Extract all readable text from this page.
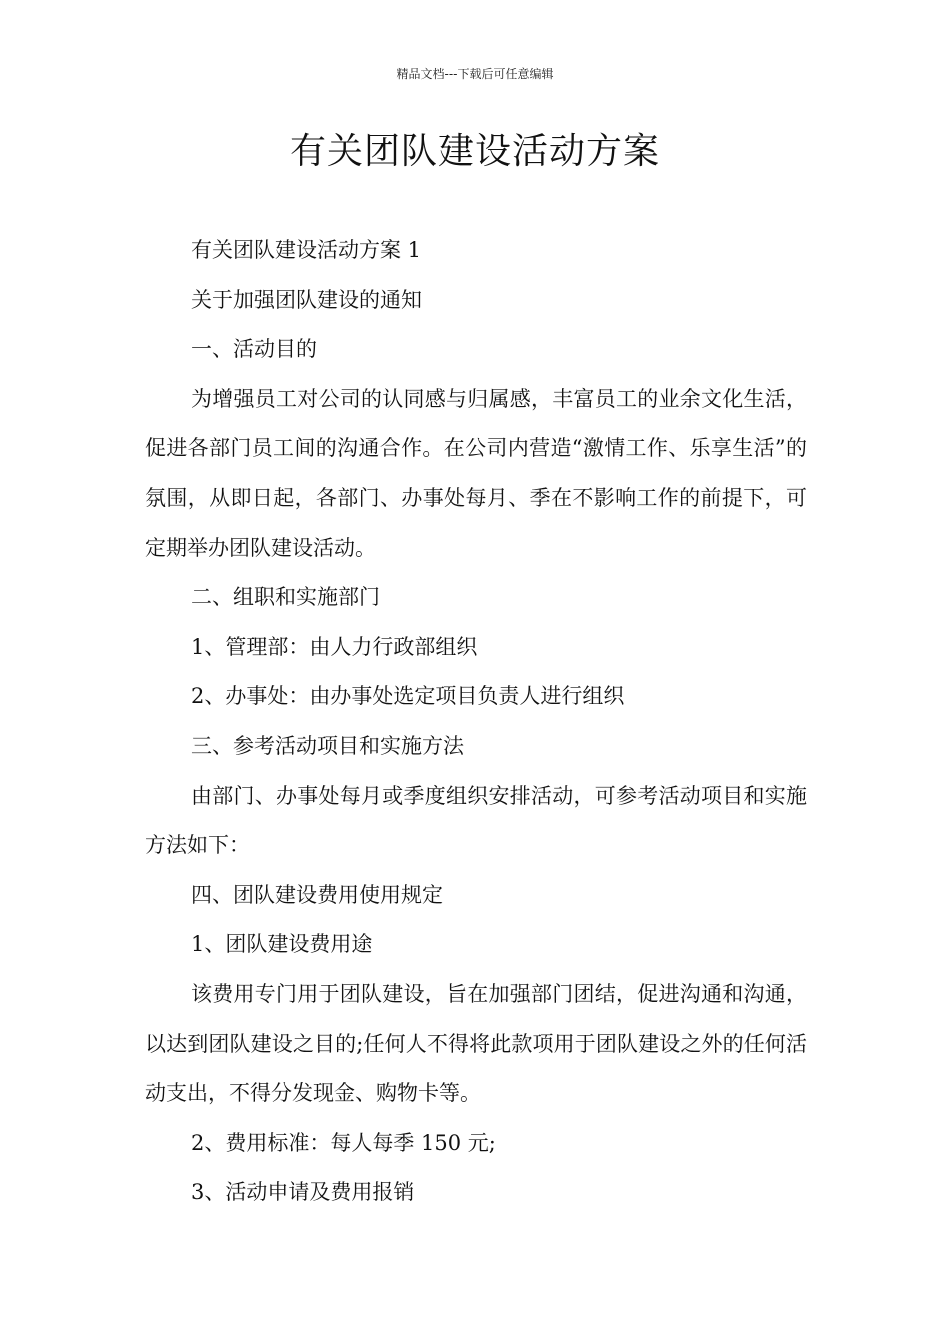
精品文档---下载后可任意编辑
有关团队建设活动方案

有关团队建设活动方案 1

关于加强团队建设的通知

一、活动目的

为增强员工对公司的认同感与归属感，丰富员工的业余文化生活，促进各部门员工间的沟通合作。在公司内营造“激情工作、乐享生活”的氛围，从即日起，各部门、办事处每月、季在不影响工作的前提下，可定期举办团队建设活动。

二、组职和实施部门

1、管理部：由人力行政部组织

2、办事处：由办事处选定项目负责人进行组织

三、参考活动项目和实施方法

由部门、办事处每月或季度组织安排活动，可参考活动项目和实施方法如下：

四、团队建设费用使用规定

1、团队建设费用途

该费用专门用于团队建设，旨在加强部门团结，促进沟通和沟通，以达到团队建设之目的;任何人不得将此款项用于团队建设之外的任何活动支出，不得分发现金、购物卡等。

2、费用标准：每人每季 150 元;

3、活动申请及费用报销
